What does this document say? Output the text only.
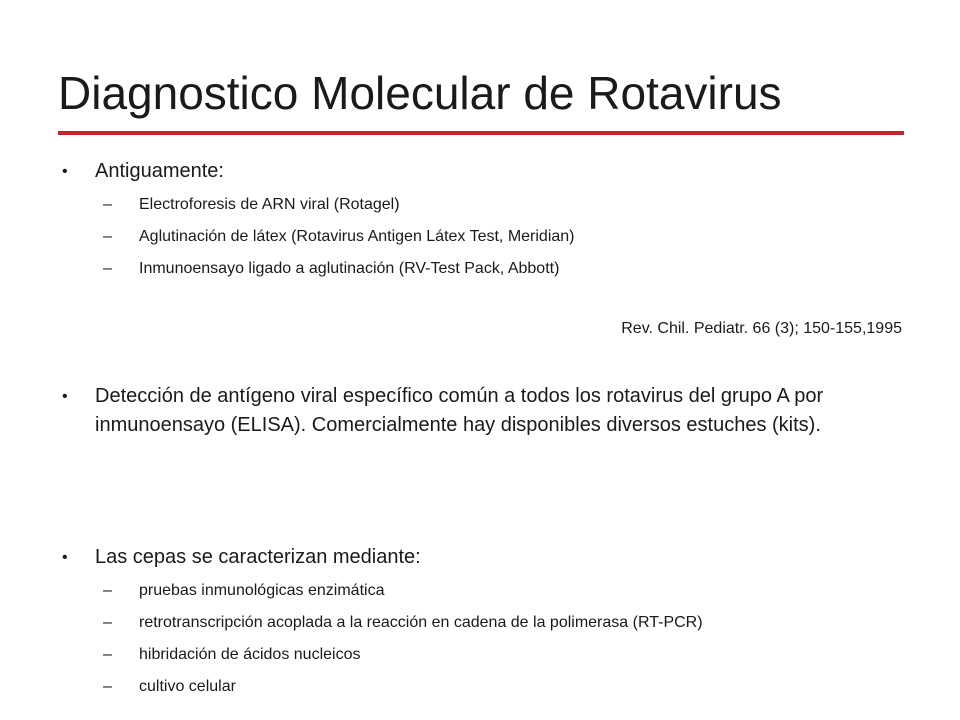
Diagnostico Molecular de Rotavirus
• Antiguamente:
– Electroforesis de ARN viral (Rotagel)
– Aglutinación de látex (Rotavirus Antigen Látex Test, Meridian)
– Inmunoensayo ligado a aglutinación (RV-Test Pack, Abbott)
Rev. Chil. Pediatr. 66 (3); 150-155,1995
• Detección de antígeno viral específico común a todos los rotavirus del grupo A por inmunoensayo (ELISA). Comercialmente hay disponibles diversos estuches (kits).
• Las cepas se caracterizan mediante:
– pruebas inmunológicas enzimática
– retrotranscripción acoplada a la reacción en cadena de la polimerasa (RT-PCR)
– hibridación de ácidos nucleicos
– cultivo celular
